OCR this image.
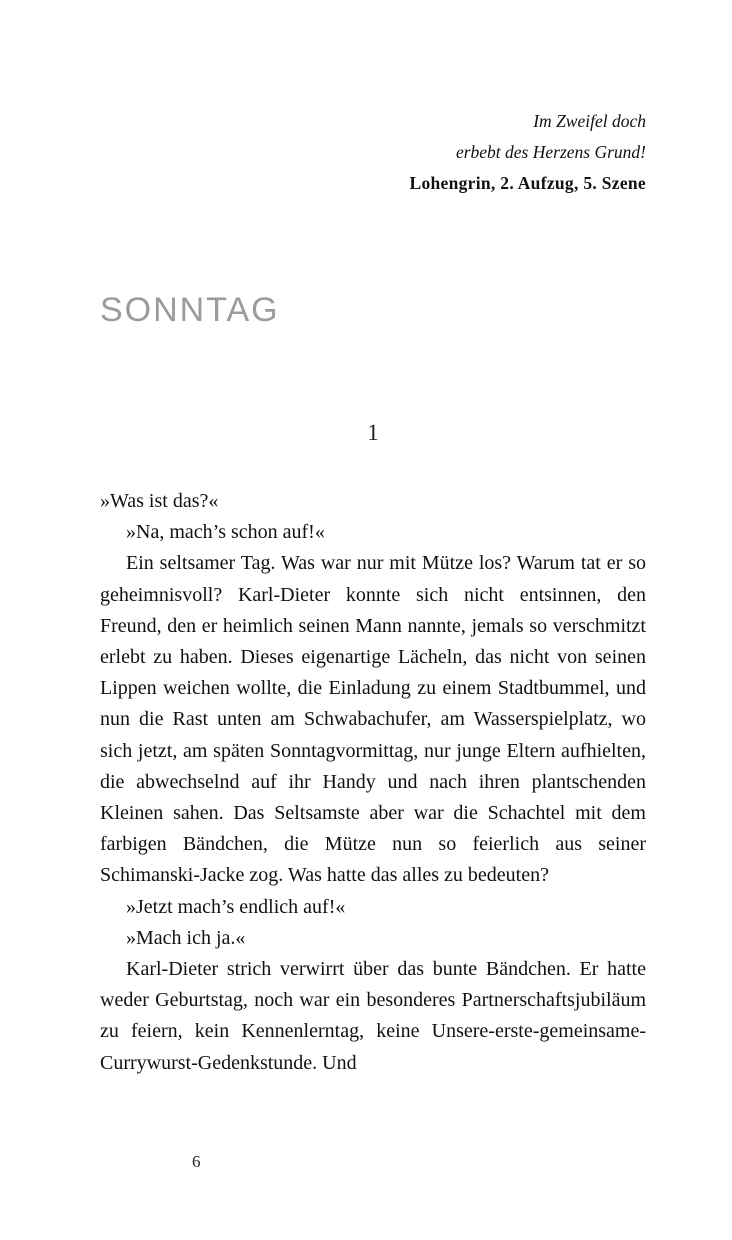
Im Zweifel doch
erbebt des Herzens Grund!
Lohengrin, 2. Aufzug, 5. Szene
SONNTAG
1

»Was ist das?«

»Na, mach’s schon auf!«

Ein seltsamer Tag. Was war nur mit Mütze los? Warum tat er so geheimnisvoll? Karl-Dieter konnte sich nicht entsinnen, den Freund, den er heimlich seinen Mann nannte, jemals so verschmitzt erlebt zu haben. Dieses eigenartige Lächeln, das nicht von seinen Lippen weichen wollte, die Einladung zu einem Stadtbummel, und nun die Rast unten am Schwabachufer, am Wasserspielplatz, wo sich jetzt, am späten Sonntagvormittag, nur junge Eltern aufhielten, die abwechselnd auf ihr Handy und nach ihren plantschenden Kleinen sahen. Das Seltsamste aber war die Schachtel mit dem farbigen Bändchen, die Mütze nun so feierlich aus seiner Schimanski-Jacke zog. Was hatte das alles zu bedeuten?

»Jetzt mach’s endlich auf!«

»Mach ich ja.«

Karl-Dieter strich verwirrt über das bunte Bändchen. Er hatte weder Geburtstag, noch war ein besonderes Partnerschaftsjubiläum zu feiern, kein Kennenlerntag, keine Unsere-erste-gemeinsame-Currywurst-Gedenkstunde. Und

6
